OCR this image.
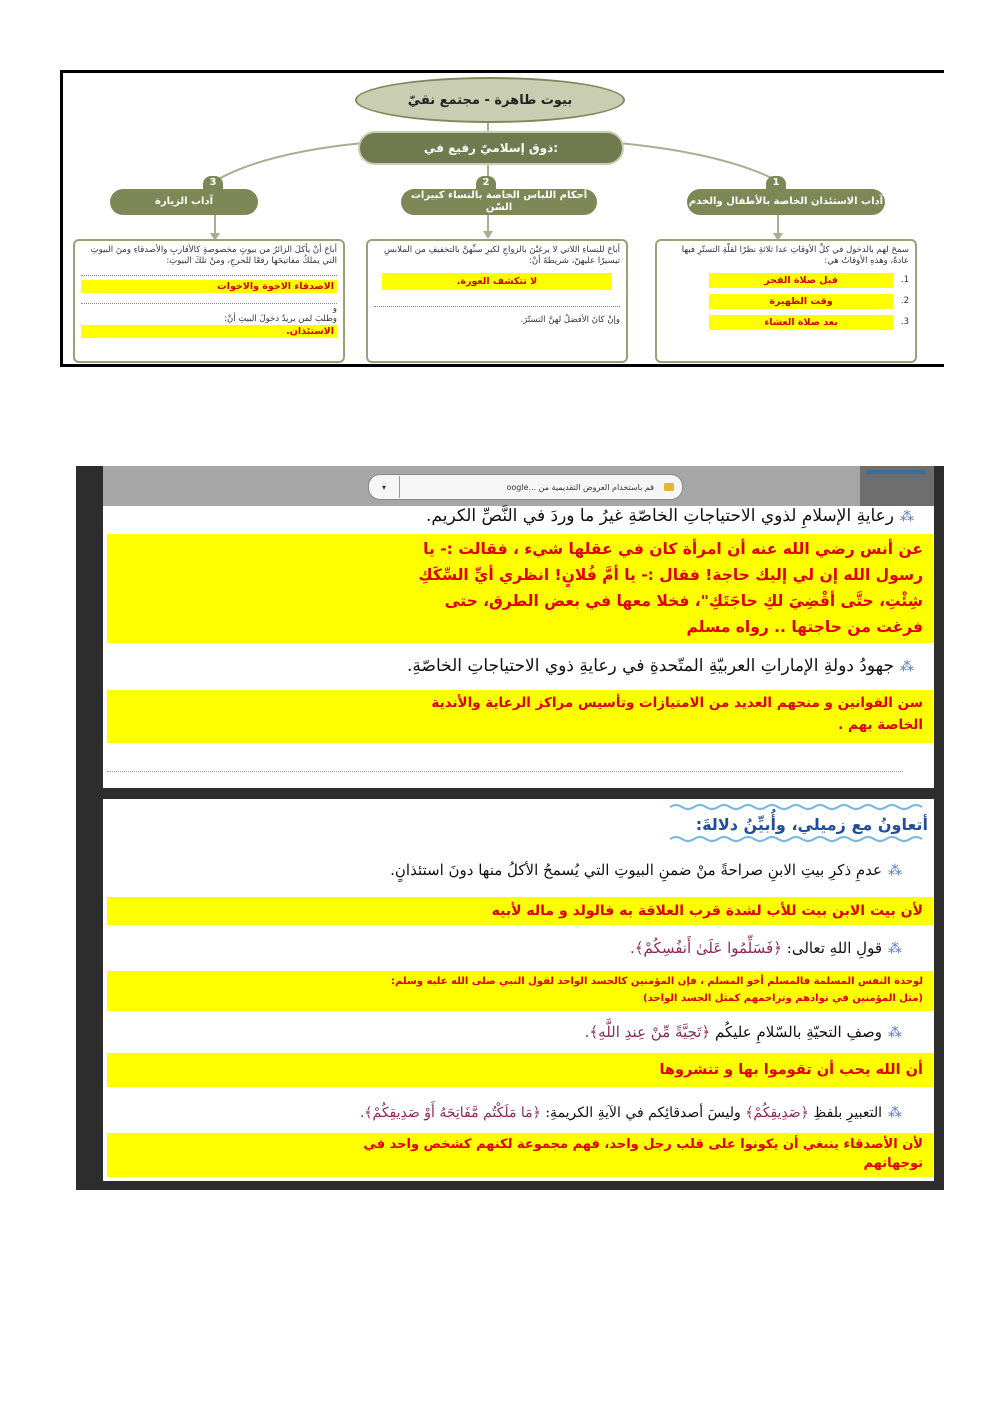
بيوت طاهرة - مجتمع نقيّ
ذوق إسلاميّ رفيع في:
3
آداب الزيارة
أباحَ أنْ يأكلَ الزائرُ من بيوتٍ مخصوصةٍ كالأقاربِ والأصدقاءِ ومنَ البيوتِ التي يملكُ مفاتيحَها رفعًا للحرجِ، ومنْ تلكَ البيوتِ:
الاصدقاء الاخوة والاخوات
و
وطلبَ لمن يريدُ دخولَ البيتِ أنْ:
الاستئذان.
2
أحكام اللباس الخاصة بالنساء كبيرات السّن
أباحَ للنساءِ اللاتي لا يرغبْنَ بالزواجِ لكبرِ سنِّهنَّ بالتخفيفِ من الملابسِ تيسيرًا عليهنّ، شريطةَ أنْ:
لا تتكشف العورة.
وإنْ كانَ الأفضلُ لهنَّ التستّرَ.
1
آداب الاستئذان الخاصة بالأطفال والخدم
سمحَ لهم بالدخول في كلِّ الأوقاتِ عدا ثلاثةِ نظرًا لقلّةِ التستّرِ فيها عادةً، وهذهِ الأوقاتُ هي:
1.
قبل صلاة الفجر
2.
وقت الظهيرة
3.
بعد صلاة العشاء
▾	قم باستخدام العروض التقديمية من ...oogle
⁂رعايةِ الإسلامِ لذوي الاحتياجاتِ الخاصّةِ غيرُ ما وردَ في النَّصِّ الكريم.
عن أنس رضي الله عنه أن امرأة كان في عقلها شيء ، فقالت :- يا
رسول الله إن لي إليك حاجة! فقال :- يا أمَّ فُلانٍ! انظري أيِّ السِّكَكِ
شِئْتِ، حتَّى أقْضِيَ لكِ حاجَتَكِ"، فخلا معها في بعض الطرق، حتى
فرغت من حاجتها .. رواه مسلم
⁂جهودُ دولةِ الإماراتِ العربيّةِ المتّحدةِ في رعايةِ ذوي الاحتياجاتِ الخاصّةِ.
سن القوانين و منحهم العديد من الامتيازات وتأسيس مراكز الرعاية والأندية
الخاصة بهم .
أتعاونُ مع زميلي، وأُبيِّنُ دلالةَ:
⁂عدمِ ذكرِ بيتِ الابنِ صراحةً منْ ضمنِ البيوتِ التي يُسمحُ الأكلُ منها دونَ استئذانٍ.
لأن بيت الابن بيت للأب لشدة قرب العلاقة به فالولد و ماله لأبيه
⁂قولِ اللهِ تعالى: ﴿فَسَلِّمُوا عَلَىٰ أَنفُسِكُمْ﴾.
لوحدة النفس المسلمة فالمسلم أخو المسلم ، فإن المؤمنين كالجسد الواحد لقول النبي صلى الله عليه وسلم:
(مثل المؤمنين في توادهم وتراحمهم كمثل الجسد الواحد)
⁂وصفِ التحيّةِ بالسّلامِ عليكُم ﴿تَحِيَّةً مِّنْ عِندِ اللَّهِ﴾.
أن الله يحب أن تقوموا بها و تنشروها
⁂التعبيرِ بلفظِ ﴿صَدِيقِكُمْ﴾ وليسَ أصدقائِكم في الآيةِ الكريمةِ: ﴿مَا مَلَكْتُم مَّفَاتِحَهُ أَوْ صَدِيقِكُمْ﴾.
لأن الأصدقاء ينبغي أن يكونوا على قلب رجل واحد، فهم مجموعة لكنهم كشخص واحد في
توجهاتهم
